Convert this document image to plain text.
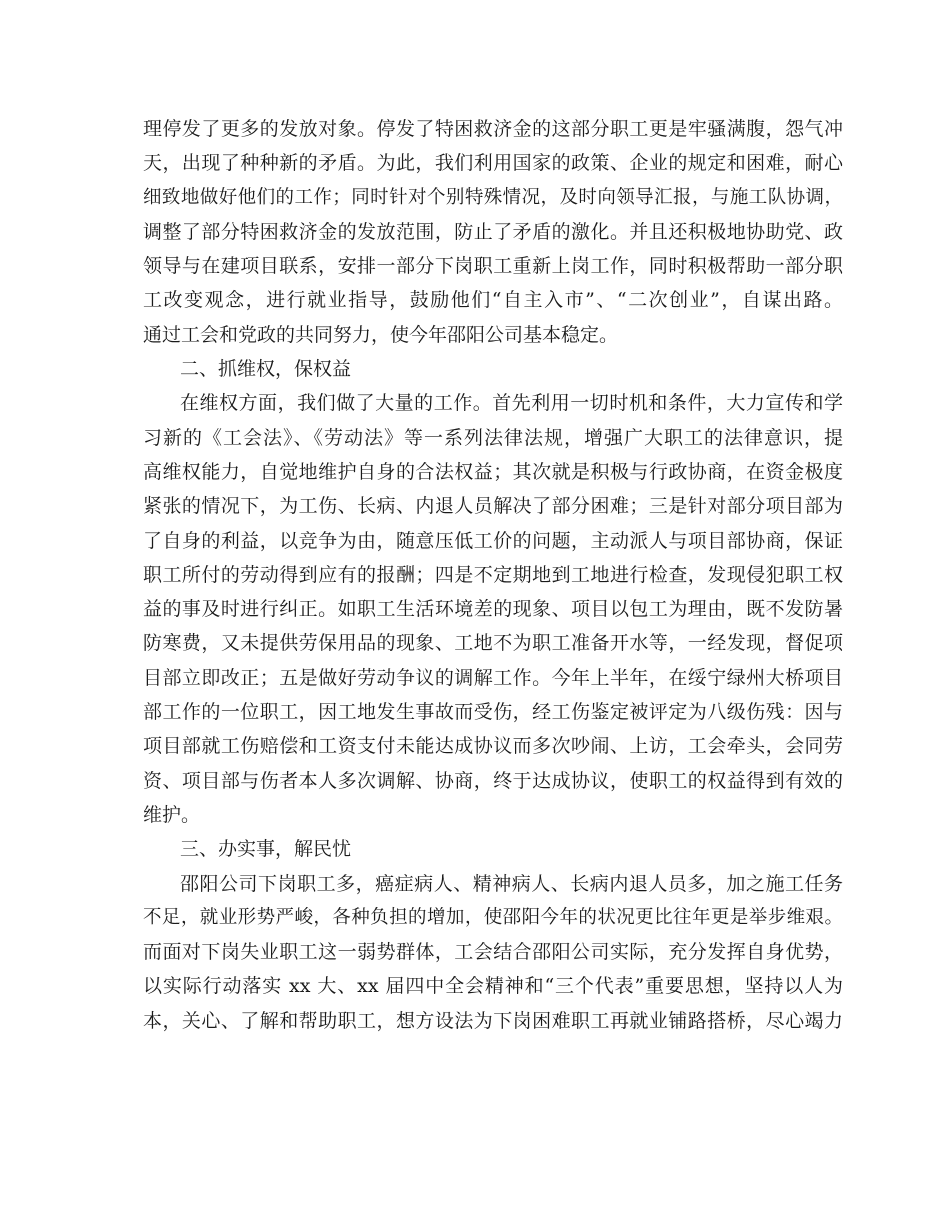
理停发了更多的发放对象。停发了特困救济金的这部分职工更是牢骚满腹，怨气冲
天，出现了种种新的矛盾。为此，我们利用国家的政策、企业的规定和困难，耐心
细致地做好他们的工作；同时针对个别特殊情况，及时向领导汇报，与施工队协调，
调整了部分特困救济金的发放范围，防止了矛盾的激化。并且还积极地协助党、政
领导与在建项目联系，安排一部分下岗职工重新上岗工作，同时积极帮助一部分职
工改变观念，进行就业指导，鼓励他们“自主入市”、“二次创业”，自谋出路。
通过工会和党政的共同努力，使今年邵阳公司基本稳定。
二、抓维权，保权益
在维权方面，我们做了大量的工作。首先利用一切时机和条件，大力宣传和学
习新的《工会法》、《劳动法》等一系列法律法规，增强广大职工的法律意识，提
高维权能力，自觉地维护自身的合法权益；其次就是积极与行政协商，在资金极度
紧张的情况下，为工伤、长病、内退人员解决了部分困难；三是针对部分项目部为
了自身的利益，以竞争为由，随意压低工价的问题，主动派人与项目部协商，保证
职工所付的劳动得到应有的报酬；四是不定期地到工地进行检查，发现侵犯职工权
益的事及时进行纠正。如职工生活环境差的现象、项目以包工为理由，既不发防暑
防寒费，又未提供劳保用品的现象、工地不为职工准备开水等，一经发现，督促项
目部立即改正；五是做好劳动争议的调解工作。今年上半年，在绥宁绿州大桥项目
部工作的一位职工，因工地发生事故而受伤，经工伤鉴定被评定为八级伤残：因与
项目部就工伤赔偿和工资支付未能达成协议而多次吵闹、上访，工会牵头，会同劳
资、项目部与伤者本人多次调解、协商，终于达成协议，使职工的权益得到有效的
维护。
三、办实事，解民忧
邵阳公司下岗职工多，癌症病人、精神病人、长病内退人员多，加之施工任务
不足，就业形势严峻，各种负担的增加，使邵阳今年的状况更比往年更是举步维艰。
而面对下岗失业职工这一弱势群体，工会结合邵阳公司实际，充分发挥自身优势，
以实际行动落实 xx 大、xx 届四中全会精神和“三个代表”重要思想，坚持以人为
本，关心、了解和帮助职工，想方设法为下岗困难职工再就业铺路搭桥，尽心竭力
